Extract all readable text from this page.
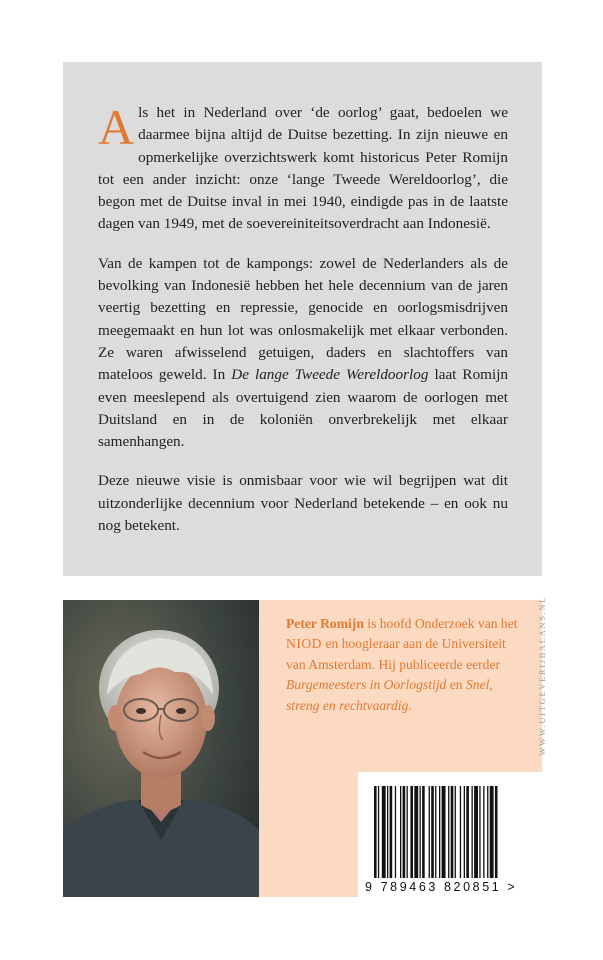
Als het in Nederland over ‘de oorlog’ gaat, bedoelen we daarmee bijna altijd de Duitse bezetting. In zijn nieuwe en opmerkelijke overzichtswerk komt historicus Peter Romijn tot een ander inzicht: onze ‘lange Tweede Wereldoorlog’, die begon met de Duitse inval in mei 1940, eindigde pas in de laatste dagen van 1949, met de soevereiniteitsoverdracht aan Indonesië.

Van de kampen tot de kampongs: zowel de Nederlanders als de bevolking van Indonesië hebben het hele decennium van de jaren veertig bezetting en repressie, genocide en oorlogsmisdrijven meegemaakt en hun lot was onlosmakelijk met elkaar verbonden. Ze waren afwisselend getuigen, daders en slachtoffers van mateloos geweld. In De lange Tweede Wereldoorlog laat Romijn even meeslepend als overtuigend zien waarom de oorlogen met Duitsland en in de koloniën onverbrekelijk met elkaar samenhangen.

Deze nieuwe visie is onmisbaar voor wie wil begrijpen wat dit uitzonderlijke decennium voor Nederland betekende – en ook nu nog betekent.

Peter Romijn is hoofd Onderzoek van het NIOD en hoogleraar aan de Universiteit van Amsterdam. Hij publiceerde eerder Burgemeesters in Oorlogstijd en Snel, streng en rechtvaardig.
9 789463 820851 >
WWW.UITGEVERIJBALANS.NL
